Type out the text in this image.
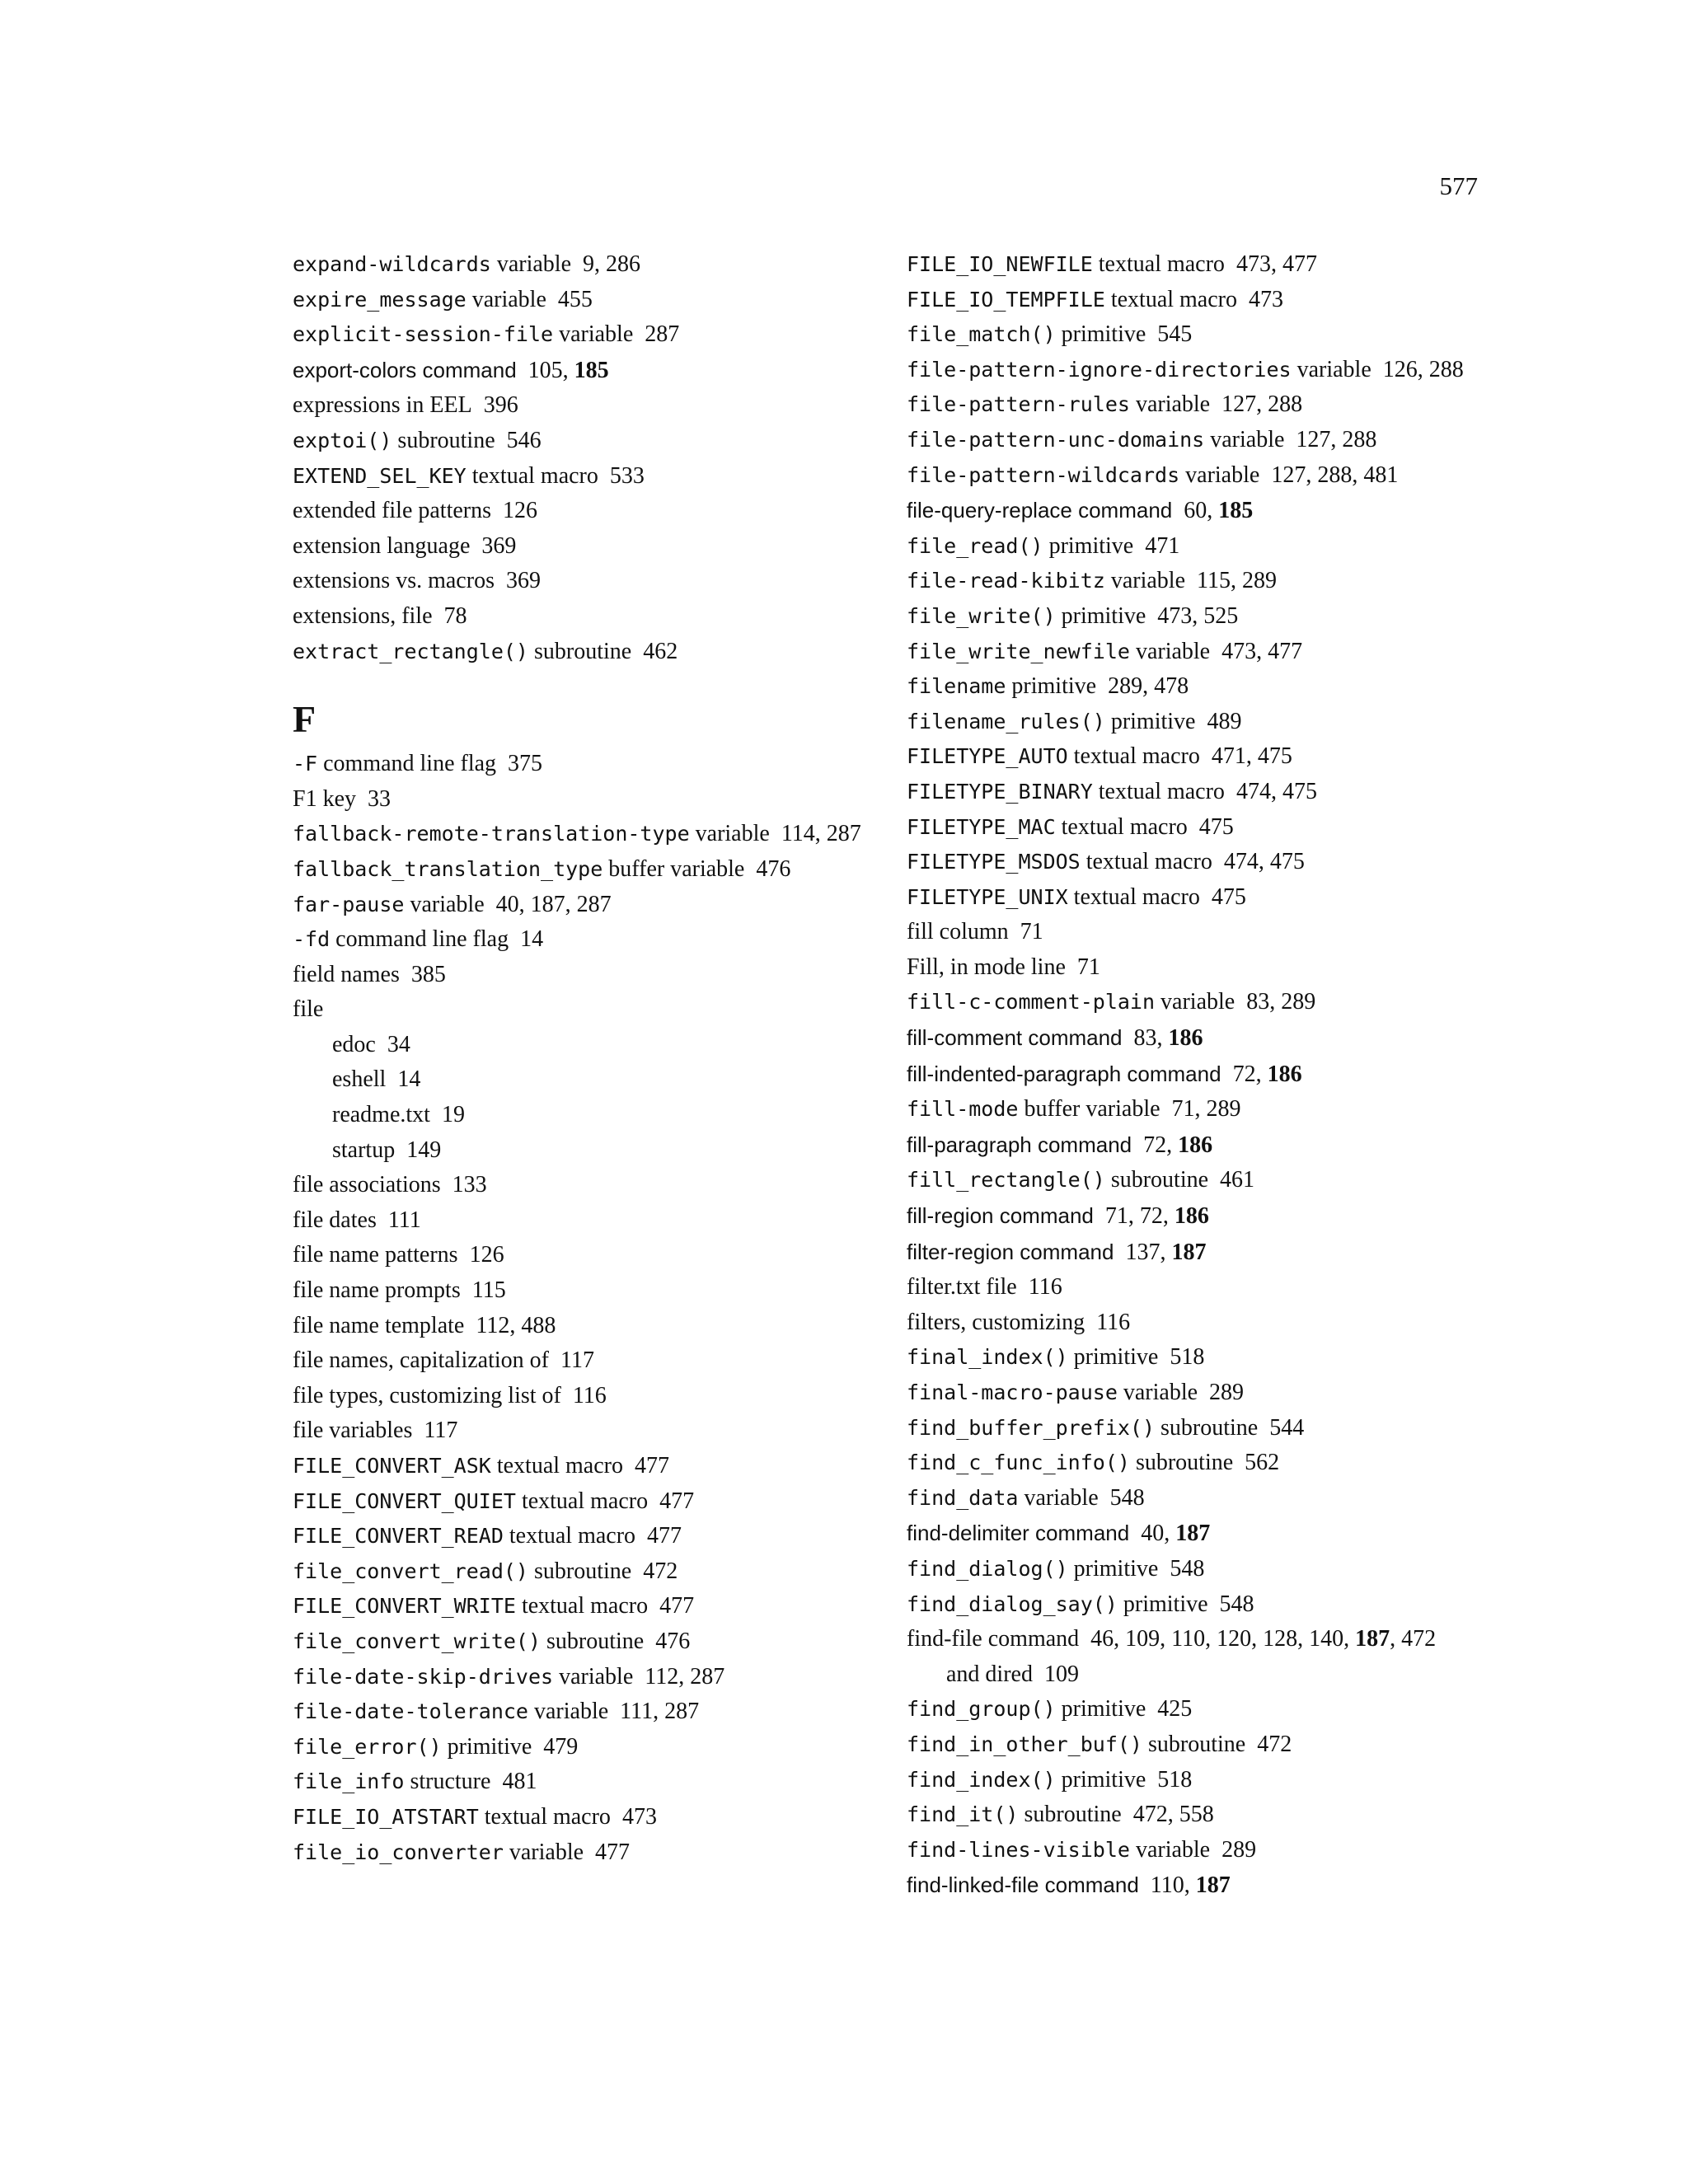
577
expand-wildcards variable 9, 286
expire_message variable 455
explicit-session-file variable 287
export-colors command 105, 185
expressions in EEL 396
exptoi() subroutine 546
EXTEND_SEL_KEY textual macro 533
extended file patterns 126
extension language 369
extensions vs. macros 369
extensions, file 78
extract_rectangle() subroutine 462
F
-F command line flag 375
F1 key 33
fallback-remote-translation-type variable 114, 287
fallback_translation_type buffer variable 476
far-pause variable 40, 187, 287
-fd command line flag 14
field names 385
file
edoc 34
eshell 14
readme.txt 19
startup 149
file associations 133
file dates 111
file name patterns 126
file name prompts 115
file name template 112, 488
file names, capitalization of 117
file types, customizing list of 116
file variables 117
FILE_CONVERT_ASK textual macro 477
FILE_CONVERT_QUIET textual macro 477
FILE_CONVERT_READ textual macro 477
file_convert_read() subroutine 472
FILE_CONVERT_WRITE textual macro 477
file_convert_write() subroutine 476
file-date-skip-drives variable 112, 287
file-date-tolerance variable 111, 287
file_error() primitive 479
file_info structure 481
FILE_IO_ATSTART textual macro 473
file_io_converter variable 477
FILE_IO_NEWFILE textual macro 473, 477
FILE_IO_TEMPFILE textual macro 473
file_match() primitive 545
file-pattern-ignore-directories variable 126, 288
file-pattern-rules variable 127, 288
file-pattern-unc-domains variable 127, 288
file-pattern-wildcards variable 127, 288, 481
file-query-replace command 60, 185
file_read() primitive 471
file-read-kibitz variable 115, 289
file_write() primitive 473, 525
file_write_newfile variable 473, 477
filename primitive 289, 478
filename_rules() primitive 489
FILETYPE_AUTO textual macro 471, 475
FILETYPE_BINARY textual macro 474, 475
FILETYPE_MAC textual macro 475
FILETYPE_MSDOS textual macro 474, 475
FILETYPE_UNIX textual macro 475
fill column 71
Fill, in mode line 71
fill-c-comment-plain variable 83, 289
fill-comment command 83, 186
fill-indented-paragraph command 72, 186
fill-mode buffer variable 71, 289
fill-paragraph command 72, 186
fill_rectangle() subroutine 461
fill-region command 71, 72, 186
filter-region command 137, 187
filter.txt file 116
filters, customizing 116
final_index() primitive 518
final-macro-pause variable 289
find_buffer_prefix() subroutine 544
find_c_func_info() subroutine 562
find_data variable 548
find-delimiter command 40, 187
find_dialog() primitive 548
find_dialog_say() primitive 548
find-file command 46, 109, 110, 120, 128, 140, 187, 472
and dired 109
find_group() primitive 425
find_in_other_buf() subroutine 472
find_index() primitive 518
find_it() subroutine 472, 558
find-lines-visible variable 289
find-linked-file command 110, 187
